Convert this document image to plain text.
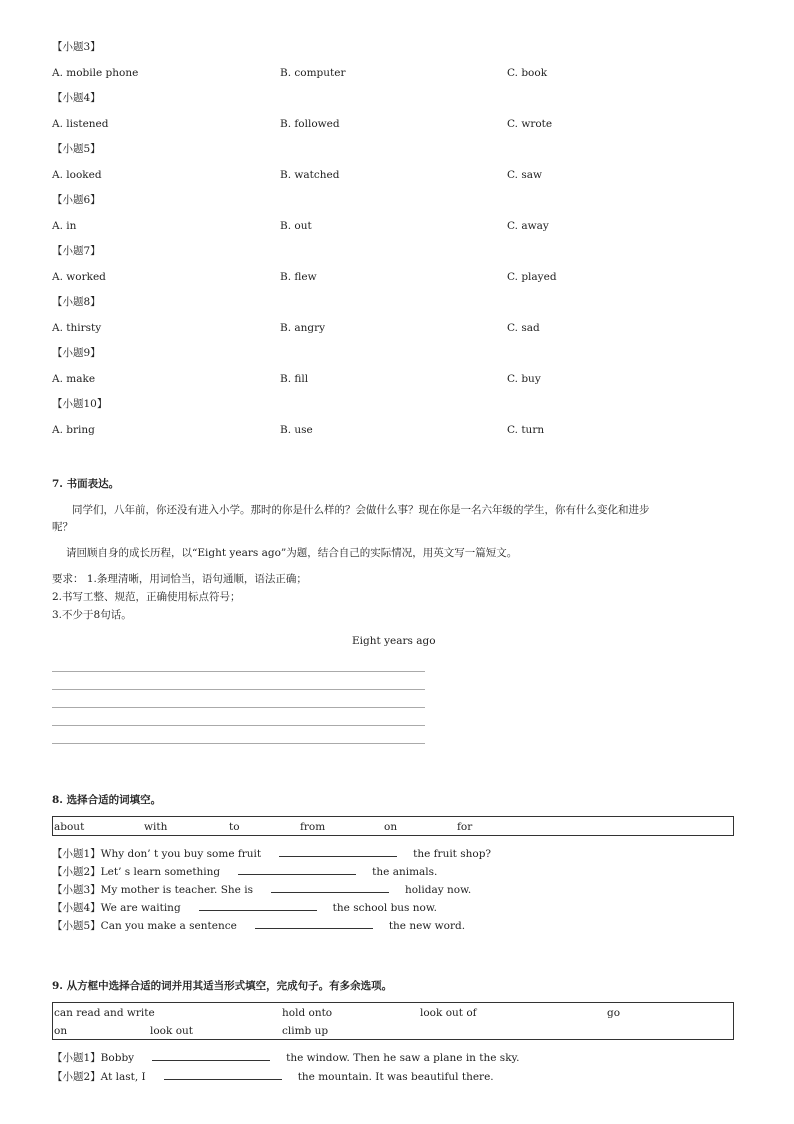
【小题3】
A. mobile phone	B. computer	C. book
【小题4】
A. listened	B. followed	C. wrote
【小题5】
A. looked	B. watched	C. saw
【小题6】
A. in	B. out	C. away
【小题7】
A. worked	B. flew	C. played
【小题8】
A. thirsty	B. angry	C. sad
【小题9】
A. make	B. fill	C. buy
【小题10】
A. bring	B. use	C. turn
7. 书面表达。
同学们，八年前，你还没有进入小学。那时的你是什么样的？会做什么事？现在你是一名六年级的学生，你有什么变化和进步
呢？
请回顾自身的成长历程，以“Eight years ago”为题，结合自己的实际情况，用英文写一篇短文。
要求： 1.条理清晰，用词恰当，语句通顺，语法正确；
2.书写工整、规范，正确使用标点符号；
3.不少于8句话。
Eight years ago
8. 选择合适的词填空。
about	with	to	from	on	for
【小题1】Why don’ t you buy some fruit	the fruit shop?
【小题2】Let’ s learn something	the animals.
【小题3】My mother is teacher. She is	holiday now.
【小题4】We are waiting	the school bus now.
【小题5】Can you make a sentence	the new word.
9. 从方框中选择合适的词并用其适当形式填空，完成句子。有多余选项。
can read and write	hold onto	look out of	go
on	look out	climb up
【小题1】Bobby	the window. Then he saw a plane in the sky.
【小题2】At last, I	the mountain. It was beautiful there.
